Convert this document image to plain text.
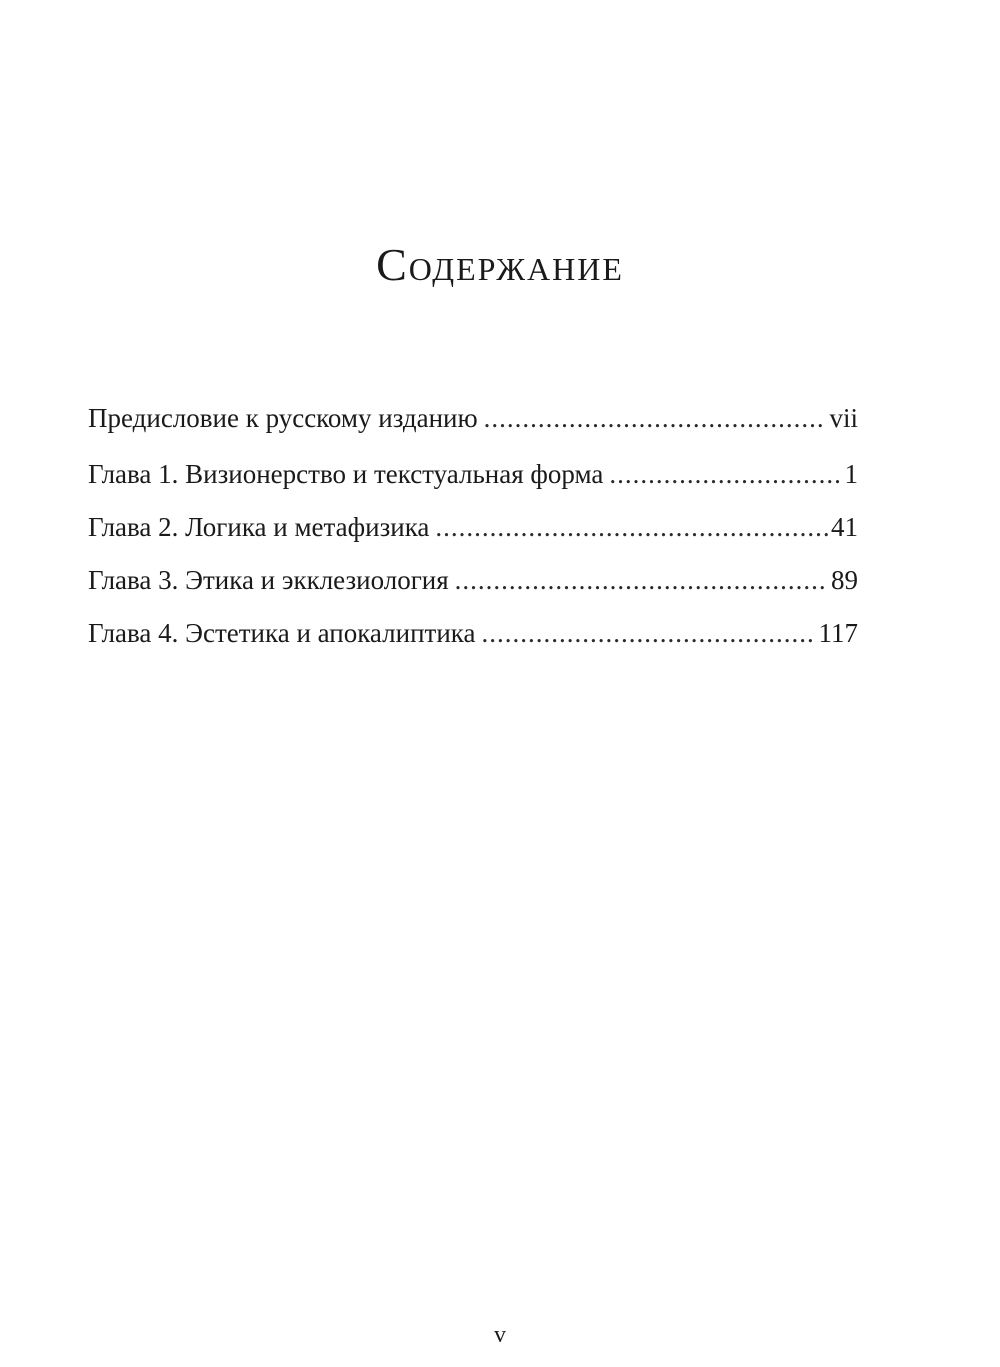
Содержание
Предисловие к русскому изданию .....	vii
Глава 1. Визионерство и текстуальная форма .....	1
Глава 2. Логика и метафизика .....	41
Глава 3. Этика и экклезиология .....	89
Глава 4. Эстетика и апокалиптика .....	117
v
